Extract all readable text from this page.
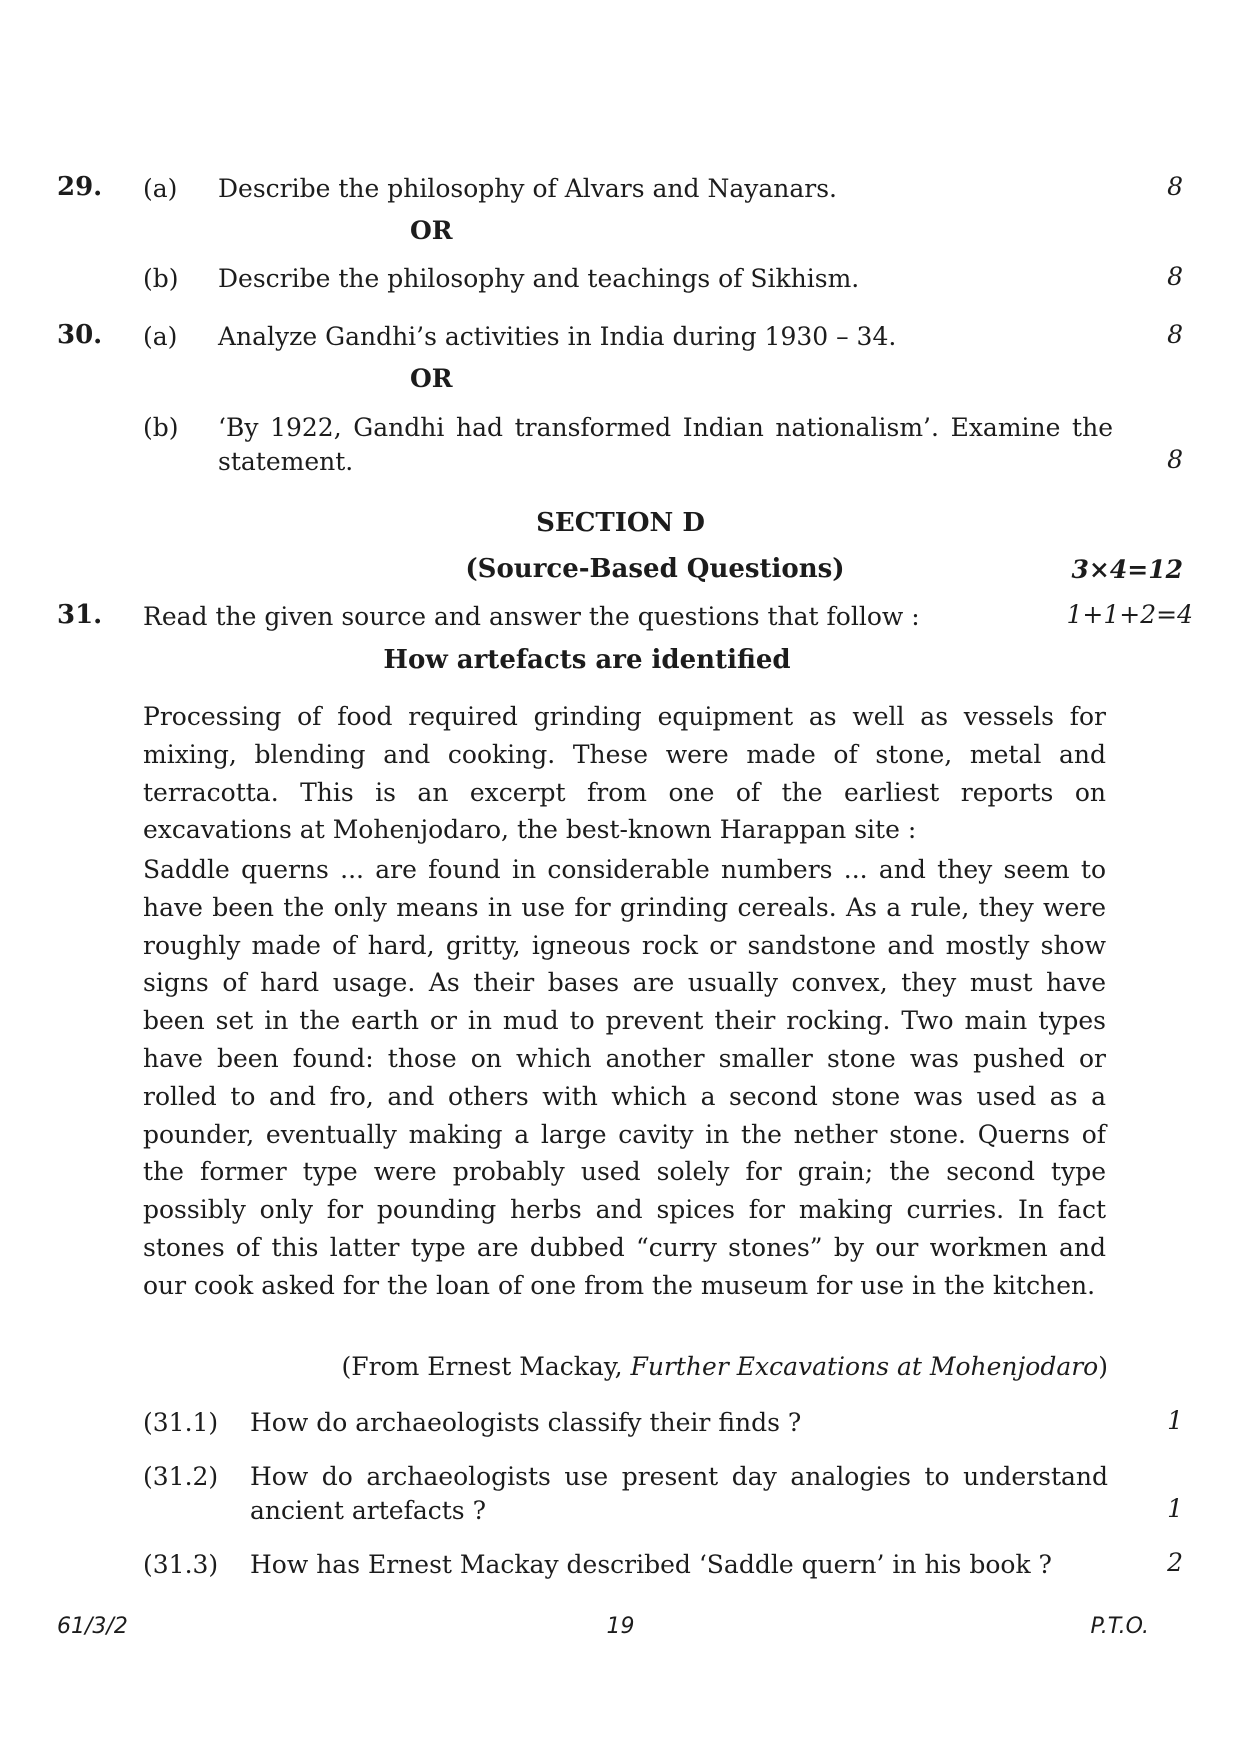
29. (a) Describe the philosophy of Alvars and Nayanars.	8
OR
(b) Describe the philosophy and teachings of Sikhism.	8
30. (a) Analyze Gandhi’s activities in India during 1930 – 34.	8
OR
(b) ‘By 1922, Gandhi had transformed Indian nationalism’. Examine the statement.	8
SECTION D
(Source-Based Questions)	3×4=12
31. Read the given source and answer the questions that follow :	1+1+2=4
How artefacts are identified
Processing of food required grinding equipment as well as vessels for mixing, blending and cooking. These were made of stone, metal and terracotta. This is an excerpt from one of the earliest reports on excavations at Mohenjodaro, the best-known Harappan site :
Saddle querns ... are found in considerable numbers ... and they seem to have been the only means in use for grinding cereals. As a rule, they were roughly made of hard, gritty, igneous rock or sandstone and mostly show signs of hard usage. As their bases are usually convex, they must have been set in the earth or in mud to prevent their rocking. Two main types have been found: those on which another smaller stone was pushed or rolled to and fro, and others with which a second stone was used as a pounder, eventually making a large cavity in the nether stone. Querns of the former type were probably used solely for grain; the second type possibly only for pounding herbs and spices for making curries. In fact stones of this latter type are dubbed “curry stones” by our workmen and our cook asked for the loan of one from the museum for use in the kitchen.
(From Ernest Mackay, Further Excavations at Mohenjodaro)
(31.1) How do archaeologists classify their finds ?	1
(31.2) How do archaeologists use present day analogies to understand ancient artefacts ?	1
(31.3) How has Ernest Mackay described ‘Saddle quern’ in his book ?	2
61/3/2	19	P.T.O.
